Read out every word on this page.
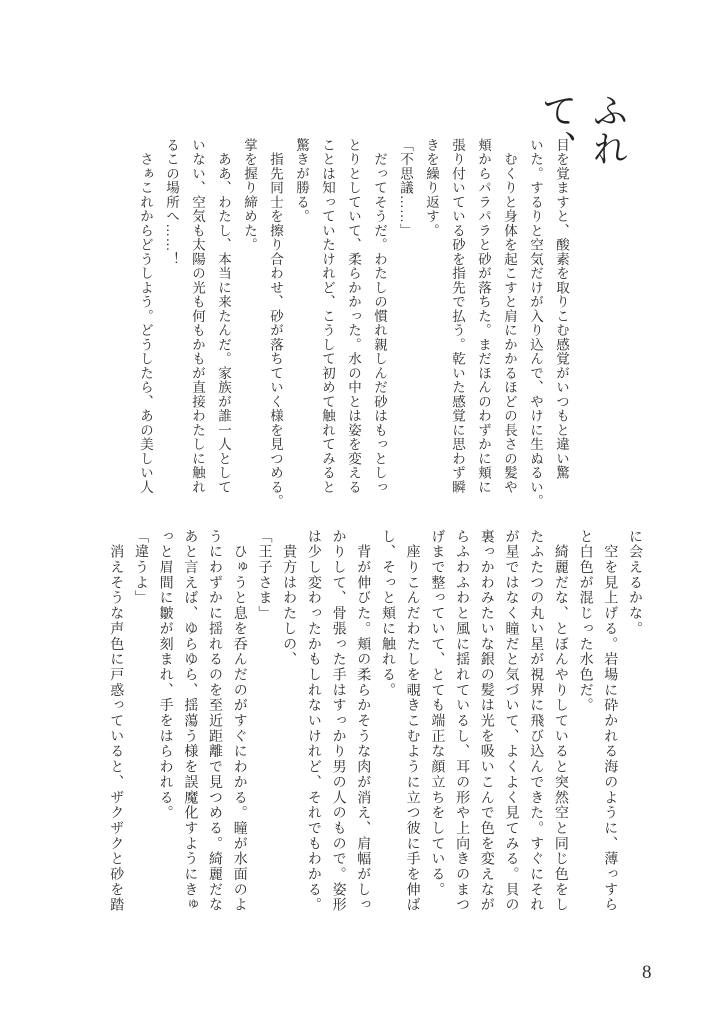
ふれて、
目を覚ますと、酸素を取りこむ感覚がいつもと違い驚
いた。するりと空気だけが入り込んで、やけに生ぬるい。
　むくりと身体を起こすと肩にかかるほどの長さの髪や
頬からパラパラと砂が落ちた。まだほんのわずかに頬に
張り付いている砂を指先で払う。乾いた感覚に思わず瞬
きを繰り返す。
「不思議……」
　だってそうだ。わたしの慣れ親しんだ砂はもっとしっ
とりとしていて、柔らかかった。水の中とは姿を変える
ことは知っていたけれど、こうして初めて触れてみると
驚きが勝る。
　指先同士を擦り合わせ、砂が落ちていく様を見つめる。
掌を握り締めた。
　ああ、わたし、本当に来たんだ。家族が誰一人として
いない、空気も太陽の光も何もかもが直接わたしに触れ
るこの場所へ……！
　さぁこれからどうしよう。どうしたら、あの美しい人
に会えるかな。
　空を見上げる。岩場に砕かれる海のように、薄っすら
と白色が混じった水色だ。
　綺麗だな、とぼんやりしていると突然空と同じ色をし
たふたつの丸い星が視界に飛び込んできた。すぐにそれ
が星ではなく瞳だと気づいて、よくよく見てみる。貝の
裏っかわみたいな銀の髪は光を吸いこんで色を変えなが
らふわふわと風に揺れているし、耳の形や上向きのまつ
げまで整っていて、とても端正な顔立ちをしている。
　座りこんだわたしを覗きこむように立つ彼に手を伸ば
し、そっと頬に触れる。
　背が伸びた。頬の柔らかそうな肉が消え、肩幅がしっ
かりして、骨張った手はすっかり男の人のもので。姿形
は少し変わったかもしれないけれど、それでもわかる。
　貴方はわたしの、
「王子さま」
　ひゅうと息を呑んだのがすぐにわかる。瞳が水面のよ
うにわずかに揺れるのを至近距離で見つめる。綺麗だな
あと言えば、ゆらゆら、揺蕩う様を誤魔化すようにきゅ
っと眉間に皺が刻まれ、手をはらわれる。
「違うよ」
　消えそうな声色に戸惑っていると、ザクザクと砂を踏
8
